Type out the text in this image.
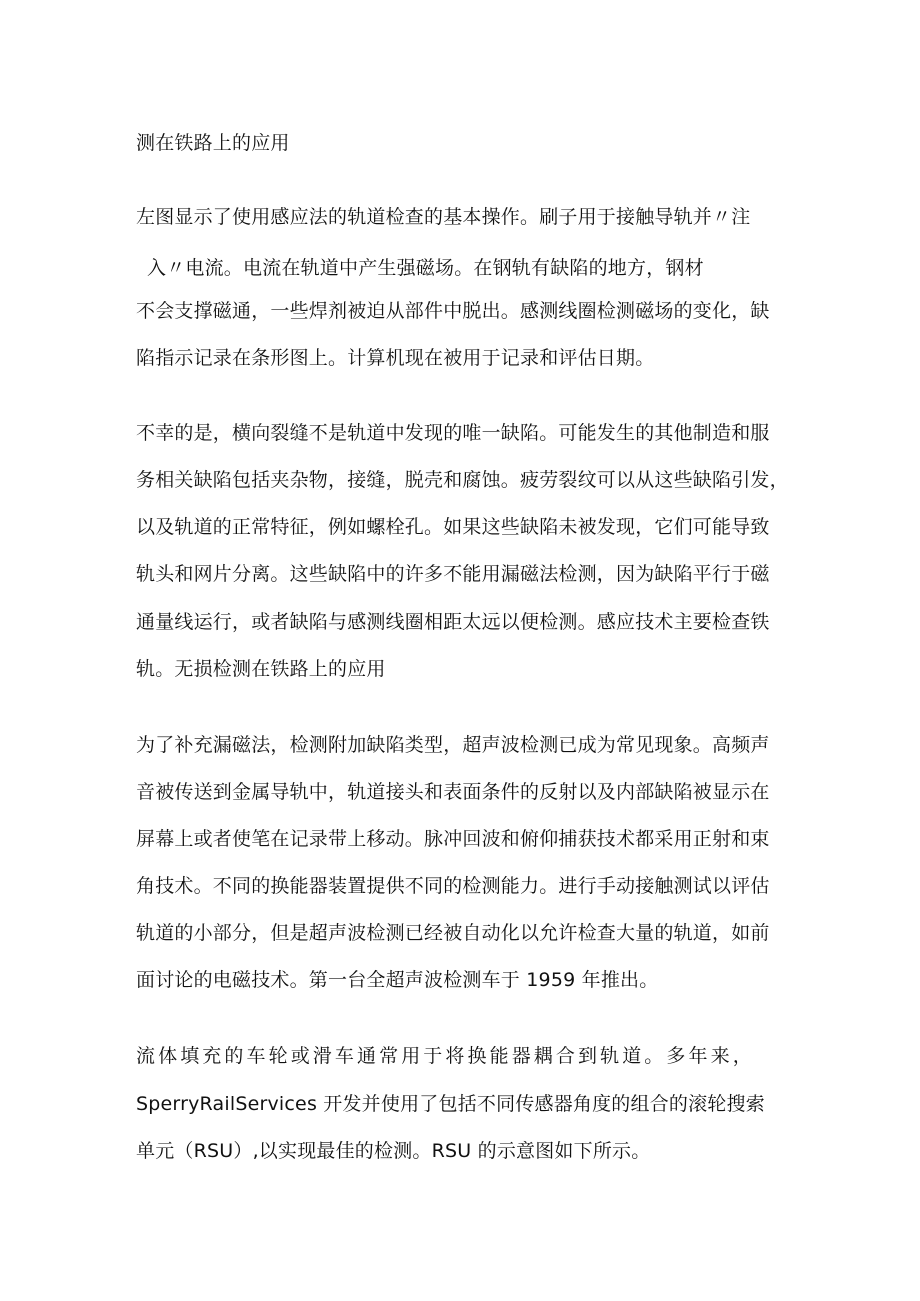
测在铁路上的应用
左图显示了使用感应法的轨道检查的基本操作。刷子用于接触导轨并〃注
入〃电流。电流在轨道中产生强磁场。在钢轨有缺陷的地方，钢材
不会支撑磁通，一些焊剂被迫从部件中脱出。感测线圈检测磁场的变化，缺
陷指示记录在条形图上。计算机现在被用于记录和评估日期。
不幸的是，横向裂缝不是轨道中发现的唯一缺陷。可能发生的其他制造和服
务相关缺陷包括夹杂物，接缝，脱壳和腐蚀。疲劳裂纹可以从这些缺陷引发，
以及轨道的正常特征，例如螺栓孔。如果这些缺陷未被发现，它们可能导致
轨头和网片分离。这些缺陷中的许多不能用漏磁法检测，因为缺陷平行于磁
通量线运行，或者缺陷与感测线圈相距太远以便检测。感应技术主要检查铁
轨。无损检测在铁路上的应用
为了补充漏磁法，检测附加缺陷类型，超声波检测已成为常见现象。高频声
音被传送到金属导轨中，轨道接头和表面条件的反射以及内部缺陷被显示在
屏幕上或者使笔在记录带上移动。脉冲回波和俯仰捕获技术都采用正射和束
角技术。不同的换能器装置提供不同的检测能力。进行手动接触测试以评估
轨道的小部分，但是超声波检测已经被自动化以允许检查大量的轨道，如前
面讨论的电磁技术。第一台全超声波检测车于 1959 年推出。
流体填充的车轮或滑车通常用于将换能器耦合到轨道。多年来，
SperryRailServices 开发并使用了包括不同传感器角度的组合的滚轮搜索
单元（RSU）,以实现最佳的检测。RSU 的示意图如下所示。
